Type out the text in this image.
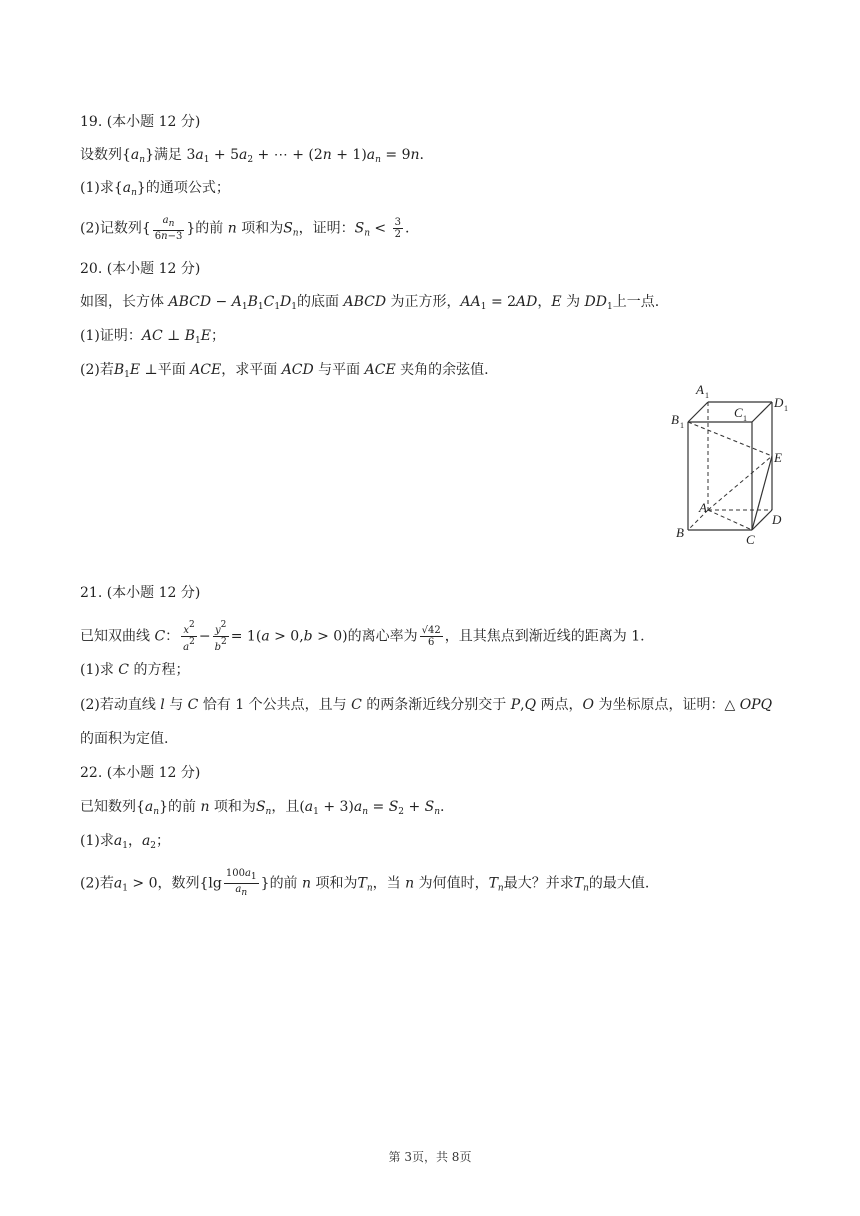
19. (本小题 12 分)
设数列$\{a_n\}$满足 $3a_1 + 5a_2$ + ⋯ + $(2n + 1)a_n = 9n$.
(1)求$\{a_n\}$的通项公式；
(2)记数列{ $\frac{a_n}{6n-3}$ }的前 n 项和为$S_n$，证明：$S_n < \frac{3}{2}$ .
20. (本小题 12 分)
如图，长方体 ABCD − $A_1B_1C_1D_1$的底面 ABCD 为正方形，$AA_1 = 2AD$，E 为 $DD_1$上一点.
(1)证明：AC ⊥ $B_1E$；
(2)若$B_1E$ ⊥平面 ACE，求平面 ACD 与平面 ACE 夹角的余弦值.
A 1
C 1
D 1
B 1
E
A
D
B	C
21. (本小题 12 分)
已知双曲线 C： $\frac{x^2}{a^2} - \frac{y^2}{b^2} = 1(a > 0,b > 0)$的离心率为 $\frac{√42}{6}$ ，且其焦点到渐近线的距离为 1.
(1)求 C 的方程；
(2)若动直线 l 与 C 恰有 1 个公共点，且与 C 的两条渐近线分别交于 P,Q 两点，O 为坐标原点，证明：△ OPQ
的面积为定值.
22. (本小题 12 分)
已知数列$\{a_n\}$的前 n 项和为$S_n$，且$(a_1 + 3)a_n = S_2 + S_n$.
(1)求$a_1$，$a_2$；
(2)若$a_1 > 0$，数列{$\lg \frac{100a_1}{a_n}$ }的前 n 项和为$T_n$，当 n 为何值时，$T_n$最大？并求$T_n$的最大值.
第 3页，共 8页
